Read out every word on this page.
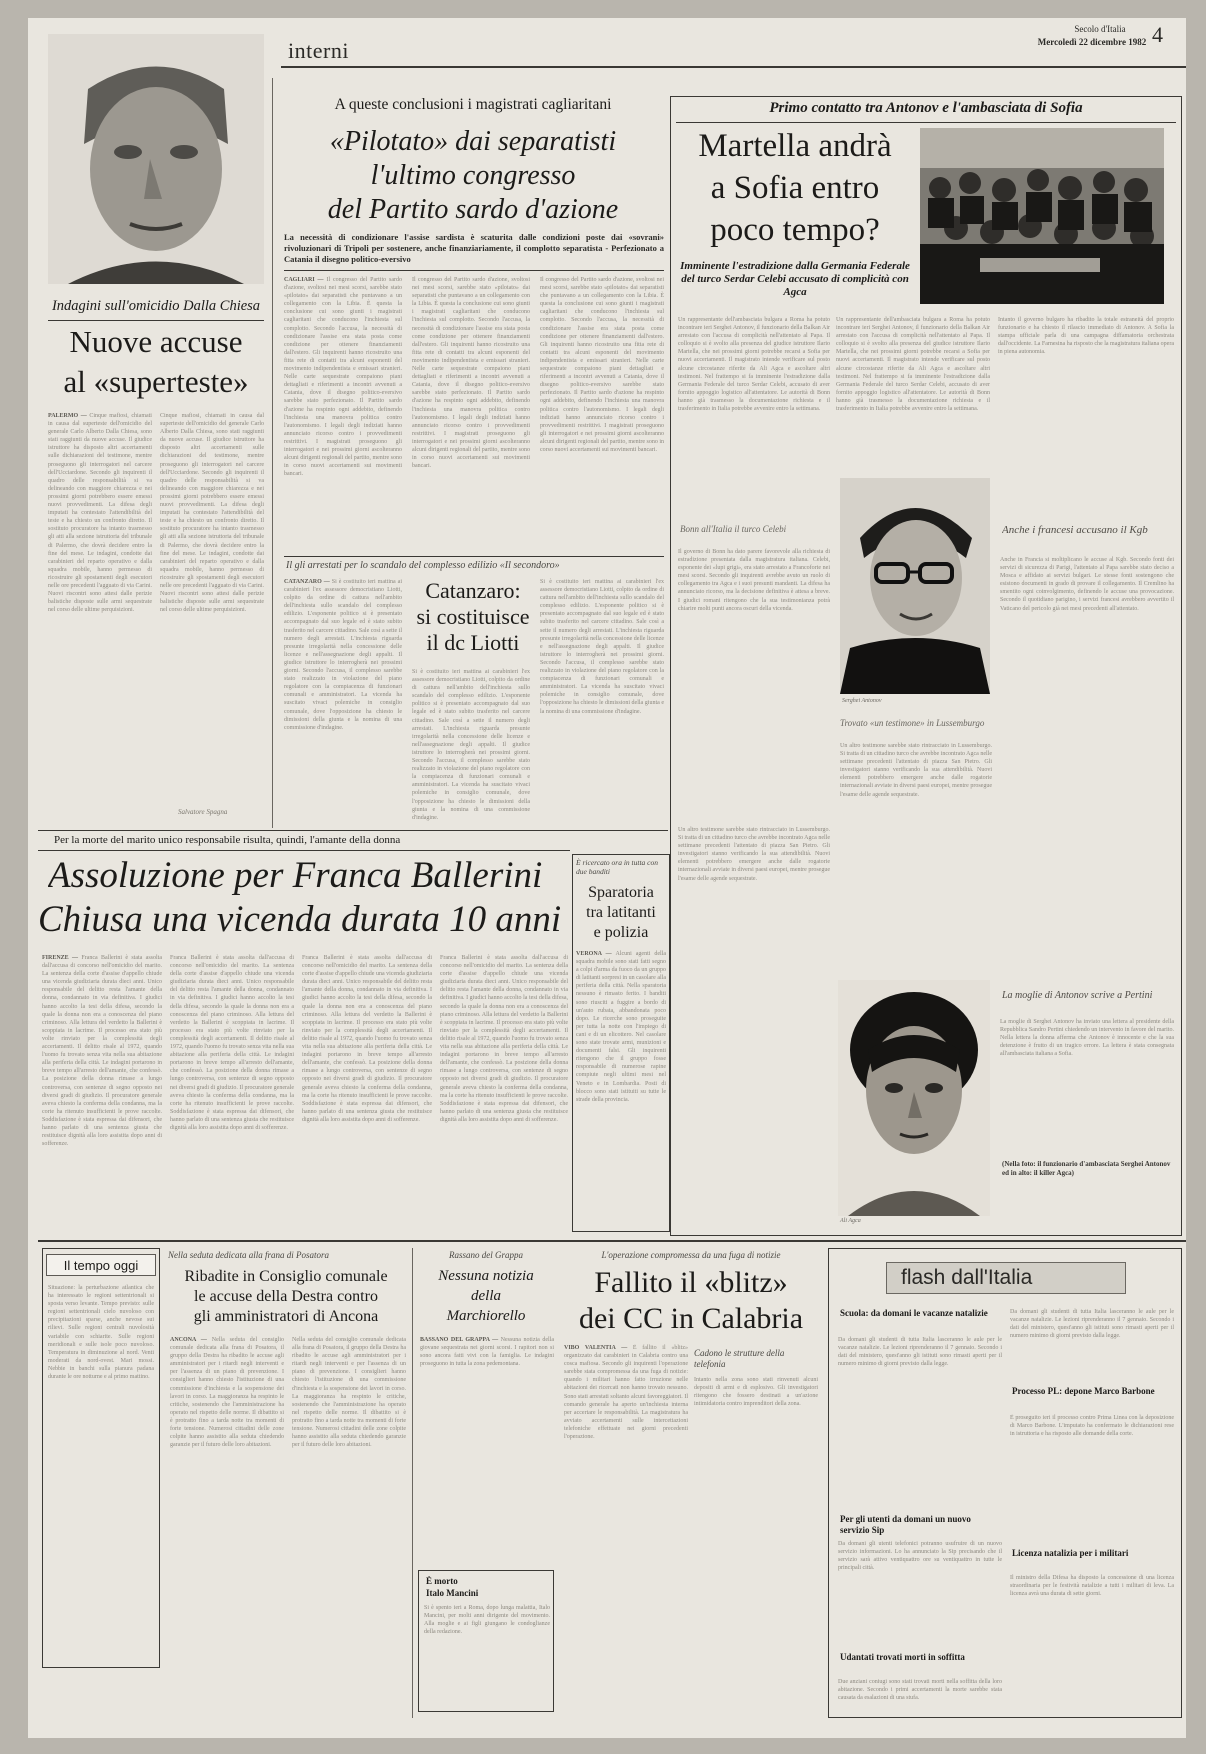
interni
Secolo d'Italia
Mercoledì 22 dicembre 1982 4
Indagini sull'omicidio Dalla Chiesa
Nuove accuse
al «superteste»
PALERMO — Cinque mafiosi, chiamati in causa dal superteste dell'omicidio del generale Carlo Alberto Dalla Chiesa, sono stati raggiunti da nuove accuse. Il giudice istruttore ha disposto altri accertamenti sulle dichiarazioni del testimone, mentre proseguono gli interrogatori nel carcere dell'Ucciardone. Secondo gli inquirenti il quadro delle responsabilità si va delineando con maggiore chiarezza e nei prossimi giorni potrebbero essere emessi nuovi provvedimenti. La difesa degli imputati ha contestato l'attendibilità del teste e ha chiesto un confronto diretto. Il sostituto procuratore ha intanto trasmesso gli atti alla sezione istruttoria del tribunale di Palermo, che dovrà decidere entro la fine del mese. Le indagini, condotte dai carabinieri del reparto operativo e dalla squadra mobile, hanno permesso di ricostruire gli spostamenti degli esecutori nelle ore precedenti l'agguato di via Carini. Nuovi riscontri sono attesi dalle perizie balistiche disposte sulle armi sequestrate nel corso delle ultime perquisizioni.
Cinque mafiosi, chiamati in causa dal superteste dell'omicidio del generale Carlo Alberto Dalla Chiesa, sono stati raggiunti da nuove accuse. Il giudice istruttore ha disposto altri accertamenti sulle dichiarazioni del testimone, mentre proseguono gli interrogatori nel carcere dell'Ucciardone. Secondo gli inquirenti il quadro delle responsabilità si va delineando con maggiore chiarezza e nei prossimi giorni potrebbero essere emessi nuovi provvedimenti. La difesa degli imputati ha contestato l'attendibilità del teste e ha chiesto un confronto diretto. Il sostituto procuratore ha intanto trasmesso gli atti alla sezione istruttoria del tribunale di Palermo, che dovrà decidere entro la fine del mese. Le indagini, condotte dai carabinieri del reparto operativo e dalla squadra mobile, hanno permesso di ricostruire gli spostamenti degli esecutori nelle ore precedenti l'agguato di via Carini. Nuovi riscontri sono attesi dalle perizie balistiche disposte sulle armi sequestrate nel corso delle ultime perquisizioni.
Salvatore Spagna
A queste conclusioni i magistrati cagliaritani
«Pilotato» dai separatisti
l'ultimo congresso
del Partito sardo d'azione
La necessità di condizionare l'assise sardista è scaturita dalle condizioni poste dai «sovrani» rivoluzionari di Tripoli per sostenere, anche finanziariamente, il complotto separatista - Perfezionato a Catania il disegno politico-eversivo
CAGLIARI — Il congresso del Partito sardo d'azione, svoltosi nei mesi scorsi, sarebbe stato «pilotato» dai separatisti che puntavano a un collegamento con la Libia. È questa la conclusione cui sono giunti i magistrati cagliaritani che conducono l'inchiesta sul complotto. Secondo l'accusa, la necessità di condizionare l'assise era stata posta come condizione per ottenere finanziamenti dall'estero. Gli inquirenti hanno ricostruito una fitta rete di contatti tra alcuni esponenti del movimento indipendentista e emissari stranieri. Nelle carte sequestrate compaiono piani dettagliati e riferimenti a incontri avvenuti a Catania, dove il disegno politico-eversivo sarebbe stato perfezionato. Il Partito sardo d'azione ha respinto ogni addebito, definendo l'inchiesta una manovra politica contro l'autonomismo. I legali degli indiziati hanno annunciato ricorso contro i provvedimenti restrittivi. I magistrati proseguono gli interrogatori e nei prossimi giorni ascolteranno alcuni dirigenti regionali del partito, mentre sono in corso nuovi accertamenti sui movimenti bancari.
Il congresso del Partito sardo d'azione, svoltosi nei mesi scorsi, sarebbe stato «pilotato» dai separatisti che puntavano a un collegamento con la Libia. È questa la conclusione cui sono giunti i magistrati cagliaritani che conducono l'inchiesta sul complotto. Secondo l'accusa, la necessità di condizionare l'assise era stata posta come condizione per ottenere finanziamenti dall'estero. Gli inquirenti hanno ricostruito una fitta rete di contatti tra alcuni esponenti del movimento indipendentista e emissari stranieri. Nelle carte sequestrate compaiono piani dettagliati e riferimenti a incontri avvenuti a Catania, dove il disegno politico-eversivo sarebbe stato perfezionato. Il Partito sardo d'azione ha respinto ogni addebito, definendo l'inchiesta una manovra politica contro l'autonomismo. I legali degli indiziati hanno annunciato ricorso contro i provvedimenti restrittivi. I magistrati proseguono gli interrogatori e nei prossimi giorni ascolteranno alcuni dirigenti regionali del partito, mentre sono in corso nuovi accertamenti sui movimenti bancari.
Il congresso del Partito sardo d'azione, svoltosi nei mesi scorsi, sarebbe stato «pilotato» dai separatisti che puntavano a un collegamento con la Libia. È questa la conclusione cui sono giunti i magistrati cagliaritani che conducono l'inchiesta sul complotto. Secondo l'accusa, la necessità di condizionare l'assise era stata posta come condizione per ottenere finanziamenti dall'estero. Gli inquirenti hanno ricostruito una fitta rete di contatti tra alcuni esponenti del movimento indipendentista e emissari stranieri. Nelle carte sequestrate compaiono piani dettagliati e riferimenti a incontri avvenuti a Catania, dove il disegno politico-eversivo sarebbe stato perfezionato. Il Partito sardo d'azione ha respinto ogni addebito, definendo l'inchiesta una manovra politica contro l'autonomismo. I legali degli indiziati hanno annunciato ricorso contro i provvedimenti restrittivi. I magistrati proseguono gli interrogatori e nei prossimi giorni ascolteranno alcuni dirigenti regionali del partito, mentre sono in corso nuovi accertamenti sui movimenti bancari.
Il gli arrestati per lo scandalo del complesso edilizio «Il secondoro»
CATANZARO — Si è costituito ieri mattina ai carabinieri l'ex assessore democristiano Liotti, colpito da ordine di cattura nell'ambito dell'inchiesta sullo scandalo del complesso edilizio. L'esponente politico si è presentato accompagnato dal suo legale ed è stato subito trasferito nel carcere cittadino. Sale così a sette il numero degli arrestati. L'inchiesta riguarda presunte irregolarità nella concessione delle licenze e nell'assegnazione degli appalti. Il giudice istruttore lo interrogherà nei prossimi giorni. Secondo l'accusa, il complesso sarebbe stato realizzato in violazione del piano regolatore con la compiacenza di funzionari comunali e amministratori. La vicenda ha suscitato vivaci polemiche in consiglio comunale, dove l'opposizione ha chiesto le dimissioni della giunta e la nomina di una commissione d'indagine.
Catanzaro:
si costituisce
il dc Liotti
Si è costituito ieri mattina ai carabinieri l'ex assessore democristiano Liotti, colpito da ordine di cattura nell'ambito dell'inchiesta sullo scandalo del complesso edilizio. L'esponente politico si è presentato accompagnato dal suo legale ed è stato subito trasferito nel carcere cittadino. Sale così a sette il numero degli arrestati. L'inchiesta riguarda presunte irregolarità nella concessione delle licenze e nell'assegnazione degli appalti. Il giudice istruttore lo interrogherà nei prossimi giorni. Secondo l'accusa, il complesso sarebbe stato realizzato in violazione del piano regolatore con la compiacenza di funzionari comunali e amministratori. La vicenda ha suscitato vivaci polemiche in consiglio comunale, dove l'opposizione ha chiesto le dimissioni della giunta e la nomina di una commissione d'indagine.
Si è costituito ieri mattina ai carabinieri l'ex assessore democristiano Liotti, colpito da ordine di cattura nell'ambito dell'inchiesta sullo scandalo del complesso edilizio. L'esponente politico si è presentato accompagnato dal suo legale ed è stato subito trasferito nel carcere cittadino. Sale così a sette il numero degli arrestati. L'inchiesta riguarda presunte irregolarità nella concessione delle licenze e nell'assegnazione degli appalti. Il giudice istruttore lo interrogherà nei prossimi giorni. Secondo l'accusa, il complesso sarebbe stato realizzato in violazione del piano regolatore con la compiacenza di funzionari comunali e amministratori. La vicenda ha suscitato vivaci polemiche in consiglio comunale, dove l'opposizione ha chiesto le dimissioni della giunta e la nomina di una commissione d'indagine.
Primo contatto tra Antonov e l'ambasciata di Sofia
Martella andrà
a Sofia entro
poco tempo?
Imminente l'estradizione dalla Germania Federale del turco Serdar Celebi accusato di complicità con Agca
Un rappresentante dell'ambasciata bulgara a Roma ha potuto incontrare ieri Serghei Antonov, il funzionario della Balkan Air arrestato con l'accusa di complicità nell'attentato al Papa. Il colloquio si è svolto alla presenza del giudice istruttore Ilario Martella, che nei prossimi giorni potrebbe recarsi a Sofia per nuovi accertamenti. Il magistrato intende verificare sul posto alcune circostanze riferite da Ali Agca e ascoltare altri testimoni. Nel frattempo si fa imminente l'estradizione dalla Germania Federale del turco Serdar Celebi, accusato di aver fornito appoggio logistico all'attentatore. Le autorità di Bonn hanno già trasmesso la documentazione richiesta e il trasferimento in Italia potrebbe avvenire entro la settimana.
Un rappresentante dell'ambasciata bulgara a Roma ha potuto incontrare ieri Serghei Antonov, il funzionario della Balkan Air arrestato con l'accusa di complicità nell'attentato al Papa. Il colloquio si è svolto alla presenza del giudice istruttore Ilario Martella, che nei prossimi giorni potrebbe recarsi a Sofia per nuovi accertamenti. Il magistrato intende verificare sul posto alcune circostanze riferite da Ali Agca e ascoltare altri testimoni. Nel frattempo si fa imminente l'estradizione dalla Germania Federale del turco Serdar Celebi, accusato di aver fornito appoggio logistico all'attentatore. Le autorità di Bonn hanno già trasmesso la documentazione richiesta e il trasferimento in Italia potrebbe avvenire entro la settimana.
Intanto il governo bulgaro ha ribadito la totale estraneità del proprio funzionario e ha chiesto il rilascio immediato di Antonov. A Sofia la stampa ufficiale parla di una campagna diffamatoria orchestrata dall'occidente. La Farnesina ha risposto che la magistratura italiana opera in piena autonomia.
Bonn all'Italia il turco Celebi
Il governo di Bonn ha dato parere favorevole alla richiesta di estradizione presentata dalla magistratura italiana. Celebi, esponente dei «lupi grigi», era stato arrestato a Francoforte nei mesi scorsi. Secondo gli inquirenti avrebbe avuto un ruolo di collegamento tra Agca e i suoi presunti mandanti. La difesa ha annunciato ricorso, ma la decisione definitiva è attesa a breve. I giudici romani ritengono che la sua testimonianza potrà chiarire molti punti ancora oscuri della vicenda.
Serghei Antonov
Trovato «un testimone» in Lussemburgo
Un altro testimone sarebbe stato rintracciato in Lussemburgo. Si tratta di un cittadino turco che avrebbe incontrato Agca nelle settimane precedenti l'attentato di piazza San Pietro. Gli investigatori stanno verificando la sua attendibilità. Nuovi elementi potrebbero emergere anche dalle rogatorie internazionali avviate in diversi paesi europei, mentre prosegue l'esame delle agende sequestrate.
Un altro testimone sarebbe stato rintracciato in Lussemburgo. Si tratta di un cittadino turco che avrebbe incontrato Agca nelle settimane precedenti l'attentato di piazza San Pietro. Gli investigatori stanno verificando la sua attendibilità. Nuovi elementi potrebbero emergere anche dalle rogatorie internazionali avviate in diversi paesi europei, mentre prosegue l'esame delle agende sequestrate.
Anche i francesi accusano il Kgb
Anche in Francia si moltiplicano le accuse al Kgb. Secondo fonti dei servizi di sicurezza di Parigi, l'attentato al Papa sarebbe stato deciso a Mosca e affidato ai servizi bulgari. Le stesse fonti sostengono che esistono documenti in grado di provare il collegamento. Il Cremlino ha smentito ogni coinvolgimento, definendo le accuse una provocazione. Secondo il quotidiano parigino, i servizi francesi avrebbero avvertito il Vaticano del pericolo già nei mesi precedenti all'attentato.
Ali Agca
La moglie di Antonov scrive a Pertini
La moglie di Serghei Antonov ha inviato una lettera al presidente della Repubblica Sandro Pertini chiedendo un intervento in favore del marito. Nella lettera la donna afferma che Antonov è innocente e che la sua detenzione è frutto di un tragico errore. La lettera è stata consegnata all'ambasciata italiana a Sofia.
(Nella foto: il funzionario d'ambasciata Serghei Antonov ed in alto: il killer Agca)
Per la morte del marito unico responsabile risulta, quindi, l'amante della donna
Assoluzione per Franca Ballerini
Chiusa una vicenda durata 10 anni
FIRENZE — Franca Ballerini è stata assolta dall'accusa di concorso nell'omicidio del marito. La sentenza della corte d'assise d'appello chiude una vicenda giudiziaria durata dieci anni. Unico responsabile del delitto resta l'amante della donna, condannato in via definitiva. I giudici hanno accolto la tesi della difesa, secondo la quale la donna non era a conoscenza del piano criminoso. Alla lettura del verdetto la Ballerini è scoppiata in lacrime. Il processo era stato più volte rinviato per la complessità degli accertamenti. Il delitto risale al 1972, quando l'uomo fu trovato senza vita nella sua abitazione alla periferia della città. Le indagini portarono in breve tempo all'arresto dell'amante, che confessò. La posizione della donna rimase a lungo controversa, con sentenze di segno opposto nei diversi gradi di giudizio. Il procuratore generale aveva chiesto la conferma della condanna, ma la corte ha ritenuto insufficienti le prove raccolte. Soddisfazione è stata espressa dai difensori, che hanno parlato di una sentenza giusta che restituisce dignità alla loro assistita dopo anni di sofferenze.
Franca Ballerini è stata assolta dall'accusa di concorso nell'omicidio del marito. La sentenza della corte d'assise d'appello chiude una vicenda giudiziaria durata dieci anni. Unico responsabile del delitto resta l'amante della donna, condannato in via definitiva. I giudici hanno accolto la tesi della difesa, secondo la quale la donna non era a conoscenza del piano criminoso. Alla lettura del verdetto la Ballerini è scoppiata in lacrime. Il processo era stato più volte rinviato per la complessità degli accertamenti. Il delitto risale al 1972, quando l'uomo fu trovato senza vita nella sua abitazione alla periferia della città. Le indagini portarono in breve tempo all'arresto dell'amante, che confessò. La posizione della donna rimase a lungo controversa, con sentenze di segno opposto nei diversi gradi di giudizio. Il procuratore generale aveva chiesto la conferma della condanna, ma la corte ha ritenuto insufficienti le prove raccolte. Soddisfazione è stata espressa dai difensori, che hanno parlato di una sentenza giusta che restituisce dignità alla loro assistita dopo anni di sofferenze.
Franca Ballerini è stata assolta dall'accusa di concorso nell'omicidio del marito. La sentenza della corte d'assise d'appello chiude una vicenda giudiziaria durata dieci anni. Unico responsabile del delitto resta l'amante della donna, condannato in via definitiva. I giudici hanno accolto la tesi della difesa, secondo la quale la donna non era a conoscenza del piano criminoso. Alla lettura del verdetto la Ballerini è scoppiata in lacrime. Il processo era stato più volte rinviato per la complessità degli accertamenti. Il delitto risale al 1972, quando l'uomo fu trovato senza vita nella sua abitazione alla periferia della città. Le indagini portarono in breve tempo all'arresto dell'amante, che confessò. La posizione della donna rimase a lungo controversa, con sentenze di segno opposto nei diversi gradi di giudizio. Il procuratore generale aveva chiesto la conferma della condanna, ma la corte ha ritenuto insufficienti le prove raccolte. Soddisfazione è stata espressa dai difensori, che hanno parlato di una sentenza giusta che restituisce dignità alla loro assistita dopo anni di sofferenze.
Franca Ballerini è stata assolta dall'accusa di concorso nell'omicidio del marito. La sentenza della corte d'assise d'appello chiude una vicenda giudiziaria durata dieci anni. Unico responsabile del delitto resta l'amante della donna, condannato in via definitiva. I giudici hanno accolto la tesi della difesa, secondo la quale la donna non era a conoscenza del piano criminoso. Alla lettura del verdetto la Ballerini è scoppiata in lacrime. Il processo era stato più volte rinviato per la complessità degli accertamenti. Il delitto risale al 1972, quando l'uomo fu trovato senza vita nella sua abitazione alla periferia della città. Le indagini portarono in breve tempo all'arresto dell'amante, che confessò. La posizione della donna rimase a lungo controversa, con sentenze di segno opposto nei diversi gradi di giudizio. Il procuratore generale aveva chiesto la conferma della condanna, ma la corte ha ritenuto insufficienti le prove raccolte. Soddisfazione è stata espressa dai difensori, che hanno parlato di una sentenza giusta che restituisce dignità alla loro assistita dopo anni di sofferenze.
È ricercato ora in tutta con due banditi
Sparatoria
tra latitanti
e polizia
VERONA — Alcuni agenti della squadra mobile sono stati fatti segno a colpi d'arma da fuoco da un gruppo di latitanti sorpresi in un casolare alla periferia della città. Nella sparatoria nessuno è rimasto ferito. I banditi sono riusciti a fuggire a bordo di un'auto rubata, abbandonata poco dopo. Le ricerche sono proseguite per tutta la notte con l'impiego di cani e di un elicottero. Nel casolare sono state trovate armi, munizioni e documenti falsi. Gli inquirenti ritengono che il gruppo fosse responsabile di numerose rapine compiute negli ultimi mesi nel Veneto e in Lombardia. Posti di blocco sono stati istituiti su tutte le strade della provincia.
Il tempo oggi
Situazione: la perturbazione atlantica che ha interessato le regioni settentrionali si sposta verso levante. Tempo previsto: sulle regioni settentrionali cielo nuvoloso con precipitazioni sparse, anche nevose sui rilievi. Sulle regioni centrali nuvolosità variabile con schiarite. Sulle regioni meridionali e sulle isole poco nuvoloso. Temperatura in diminuzione al nord. Venti moderati da nord-ovest. Mari mossi. Nebbie in banchi sulla pianura padana durante le ore notturne e al primo mattino.
Nella seduta dedicata alla frana di Posatora
Ribadite in Consiglio comunale
le accuse della Destra contro
gli amministratori di Ancona
ANCONA — Nella seduta del consiglio comunale dedicata alla frana di Posatora, il gruppo della Destra ha ribadito le accuse agli amministratori per i ritardi negli interventi e per l'assenza di un piano di prevenzione. I consiglieri hanno chiesto l'istituzione di una commissione d'inchiesta e la sospensione dei lavori in corso. La maggioranza ha respinto le critiche, sostenendo che l'amministrazione ha operato nel rispetto delle norme. Il dibattito si è protratto fino a tarda notte tra momenti di forte tensione. Numerosi cittadini delle zone colpite hanno assistito alla seduta chiedendo garanzie per il futuro delle loro abitazioni.
Nella seduta del consiglio comunale dedicata alla frana di Posatora, il gruppo della Destra ha ribadito le accuse agli amministratori per i ritardi negli interventi e per l'assenza di un piano di prevenzione. I consiglieri hanno chiesto l'istituzione di una commissione d'inchiesta e la sospensione dei lavori in corso. La maggioranza ha respinto le critiche, sostenendo che l'amministrazione ha operato nel rispetto delle norme. Il dibattito si è protratto fino a tarda notte tra momenti di forte tensione. Numerosi cittadini delle zone colpite hanno assistito alla seduta chiedendo garanzie per il futuro delle loro abitazioni.
Rassano del Grappa
Nessuna notizia
della
Marchiorello
BASSANO DEL GRAPPA — Nessuna notizia della giovane sequestrata nei giorni scorsi. I rapitori non si sono ancora fatti vivi con la famiglia. Le indagini proseguono in tutta la zona pedemontana.
È morto
Italo Mancini
Si è spento ieri a Roma, dopo lunga malattia, Italo Mancini, per molti anni dirigente del movimento. Alla moglie e ai figli giungano le condoglianze della redazione.
L'operazione compromessa da una fuga di notizie
Fallito il «blitz»
dei CC in Calabria
VIBO VALENTIA — È fallito il «blitz» organizzato dai carabinieri in Calabria contro una cosca mafiosa. Secondo gli inquirenti l'operazione sarebbe stata compromessa da una fuga di notizie: quando i militari hanno fatto irruzione nelle abitazioni dei ricercati non hanno trovato nessuno. Sono stati arrestati soltanto alcuni favoreggiatori. Il comando generale ha aperto un'inchiesta interna per accertare le responsabilità. La magistratura ha avviato accertamenti sulle intercettazioni telefoniche effettuate nei giorni precedenti l'operazione.
Cadono le strutture della telefonia
Intanto nella zona sono stati rinvenuti alcuni depositi di armi e di esplosivo. Gli investigatori ritengono che fossero destinati a un'azione intimidatoria contro imprenditori della zona.
flash dall'Italia
Scuola: da domani le vacanze natalizie
Da domani gli studenti di tutta Italia lasceranno le aule per le vacanze natalizie. Le lezioni riprenderanno il 7 gennaio. Secondo i dati del ministero, quest'anno gli istituti sono rimasti aperti per il numero minimo di giorni previsto dalla legge.
Per gli utenti da domani un nuovo servizio Sip
Da domani gli utenti telefonici potranno usufruire di un nuovo servizio informazioni. Lo ha annunciato la Sip precisando che il servizio sarà attivo ventiquattro ore su ventiquattro in tutte le principali città.
Udantati trovati morti in soffitta
Due anziani coniugi sono stati trovati morti nella soffitta della loro abitazione. Secondo i primi accertamenti la morte sarebbe stata causata da esalazioni di una stufa.
Da domani gli studenti di tutta Italia lasceranno le aule per le vacanze natalizie. Le lezioni riprenderanno il 7 gennaio. Secondo i dati del ministero, quest'anno gli istituti sono rimasti aperti per il numero minimo di giorni previsto dalla legge.
Processo PL: depone Marco Barbone
È proseguito ieri il processo contro Prima Linea con la deposizione di Marco Barbone. L'imputato ha confermato le dichiarazioni rese in istruttoria e ha risposto alle domande della corte.
Licenza natalizia per i militari
Il ministro della Difesa ha disposto la concessione di una licenza straordinaria per le festività natalizie a tutti i militari di leva. La licenza avrà una durata di sette giorni.
